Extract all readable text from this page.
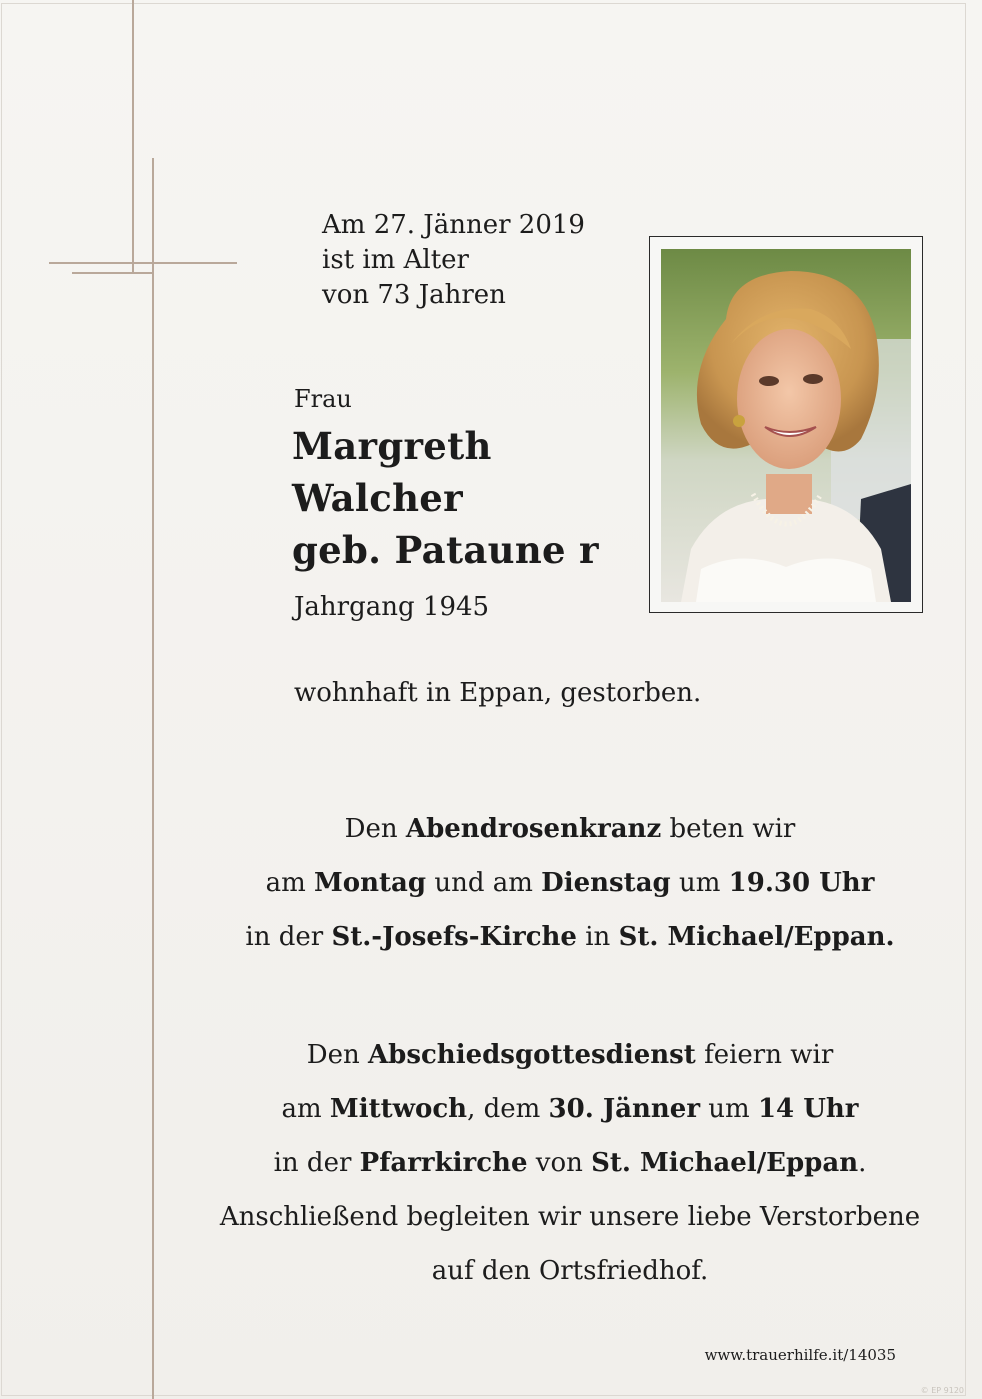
Am 27. Jänner 2019
ist im Alter
von 73 Jahren
Frau
Margreth
Walcher
geb. Pataune r
Jahrgang 1945
wohnhaft in Eppan, gestorben.
Den Abendrosenkranz beten wir
am Montag und am Dienstag um 19.30 Uhr
in der St.-Josefs-Kirche in St. Michael/Eppan.
Den Abschiedsgottesdienst feiern wir
am Mittwoch, dem 30. Jänner um 14 Uhr
in der Pfarrkirche von St. Michael/Eppan.
Anschließend begleiten wir unsere liebe Verstorbene
auf den Ortsfriedhof.
www.trauerhilfe.it/14035
© EP 9120
